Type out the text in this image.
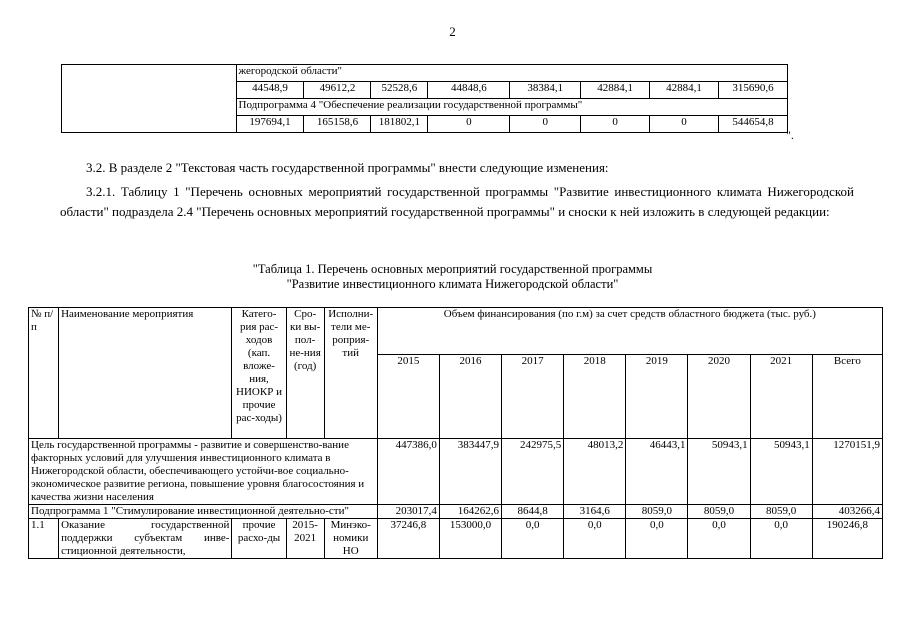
2
	жегородской области"							
	44548,9	49612,2	52528,6	44848,6	38384,1	42884,1	42884,1	315690,6
	Подпрограмма 4 "Обеспечение реализации государственной программы"							
	197694,1	165158,6	181802,1	0	0	0	0	544654,8
".
3.2. В разделе 2 "Текстовая часть государственной программы" внести следующие изменения:
3.2.1. Таблицу 1 "Перечень основных мероприятий государственной программы "Развитие инвестиционного климата Нижегородской области" подраздела 2.4 "Перечень основных мероприятий государственной программы" и сноски к ней изложить в следующей редакции:
"Таблица 1. Перечень основных мероприятий государственной программы
"Развитие инвестиционного климата Нижегородской области"
№ п/п	Наименование мероприятия	Катего-рия рас-ходов (кап. вложе-ния, НИОКР и прочие рас-ходы)	Сро-ки вы-пол-не-ния (год)	Исполни-тели ме-роприя-тий	Объем финансирования (по г.м) за счет средств областного бюджета (тыс. руб.)							
					2015	2016	2017	2018	2019	2020	2021	Всего
Цель государственной программы - развитие и совершенство-вание факторных условий для улучшения инвестиционного климата в Нижегородской области, обеспечивающего устойчи-вое социально-экономическое развитие региона, повышение уровня благосостояния и качества жизни населения					447386,0	383447,9	242975,5	48013,2	46443,1	50943,1	50943,1	1270151,9
Подпрограмма 1 "Стимулирование инвестиционной деятельно-сти"					203017,4	164262,6	8644,8	3164,6	8059,0	8059,0	8059,0	403266,4
1.1	Оказание государственной поддержки субъектам инве-стиционной деятельности,	прочие расхо-ды	2015-2021	Минэко-номики НО	37246,8	153000,0	0,0	0,0	0,0	0,0	0,0	190246,8
